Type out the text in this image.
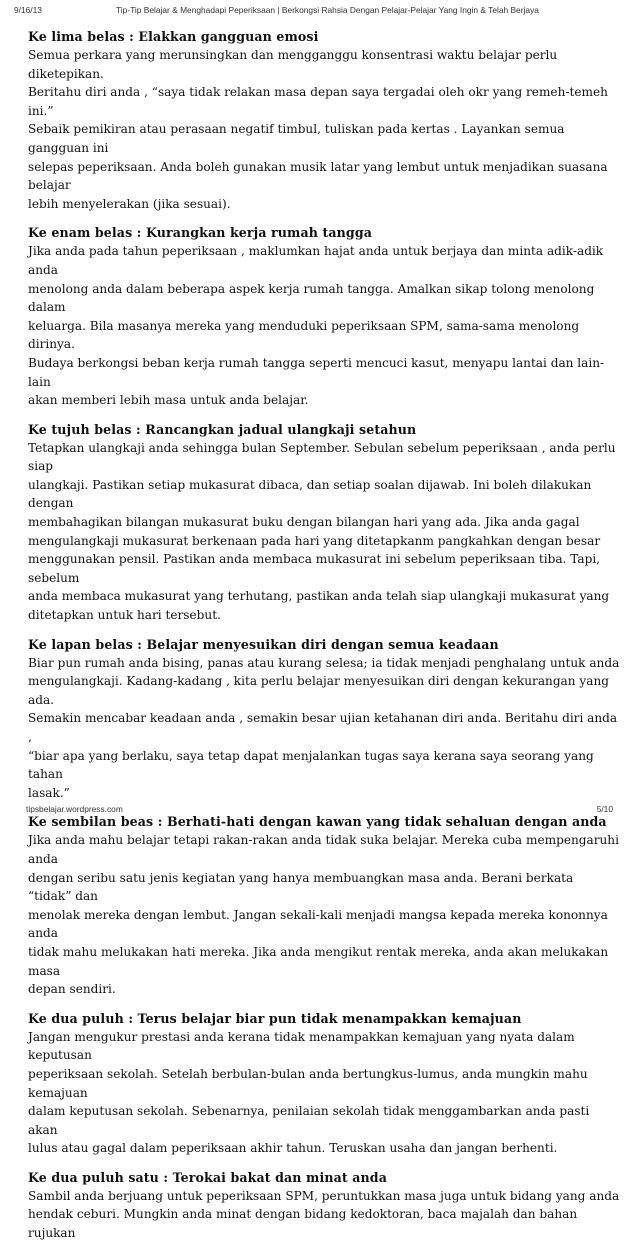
9/16/13	Tip-Tip Belajar & Menghadapi Peperiksaan | Berkongsi Rahsia Dengan Pelajar-Pelajar Yang Ingin & Telah Berjaya
Ke lima belas : Elakkan gangguan emosi

Semua perkara yang merunsingkan dan mengganggu konsentrasi waktu belajar perlu diketepikan.
Beritahu diri anda , “saya tidak relakan masa depan saya tergadai oleh okr yang remeh-temeh ini.”
Sebaik pemikiran atau perasaan negatif timbul, tuliskan pada kertas . Layankan semua gangguan ini
selepas peperiksaan. Anda boleh gunakan musik latar yang lembut untuk menjadikan suasana belajar
lebih menyelerakan (jika sesuai).

Ke enam belas : Kurangkan kerja rumah tangga

Jika anda pada tahun peperiksaan , maklumkan hajat anda untuk berjaya dan minta adik-adik anda
menolong anda dalam beberapa aspek kerja rumah tangga. Amalkan sikap tolong menolong dalam
keluarga. Bila masanya mereka yang menduduki peperiksaan SPM, sama-sama menolong dirinya.
Budaya berkongsi beban kerja rumah tangga seperti mencuci kasut, menyapu lantai dan lain-lain
akan memberi lebih masa untuk anda belajar.

Ke tujuh belas : Rancangkan jadual ulangkaji setahun

Tetapkan ulangkaji anda sehingga bulan September. Sebulan sebelum peperiksaan , anda perlu siap
ulangkaji. Pastikan setiap mukasurat dibaca, dan setiap soalan dijawab. Ini boleh dilakukan dengan
membahagikan bilangan mukasurat buku dengan bilangan hari yang ada. Jika anda gagal
mengulangkaji mukasurat berkenaan pada hari yang ditetapkanm pangkahkan dengan besar
menggunakan pensil. Pastikan anda membaca mukasurat ini sebelum peperiksaan tiba. Tapi, sebelum
anda membaca mukasurat yang terhutang, pastikan anda telah siap ulangkaji mukasurat yang
ditetapkan untuk hari tersebut.

Ke lapan belas : Belajar menyesuikan diri dengan semua keadaan

Biar pun rumah anda bising, panas atau kurang selesa; ia tidak menjadi penghalang untuk anda
mengulangkaji. Kadang-kadang , kita perlu belajar menyesuikan diri dengan kekurangan yang ada.
Semakin mencabar keadaan anda , semakin besar ujian ketahanan diri anda. Beritahu diri anda ,
“biar apa yang berlaku, saya tetap dapat menjalankan tugas saya kerana saya seorang yang tahan
lasak.”

Ke sembilan beas : Berhati-hati dengan kawan yang tidak sehaluan dengan anda

Jika anda mahu belajar tetapi rakan-rakan anda tidak suka belajar. Mereka cuba mempengaruhi anda
dengan seribu satu jenis kegiatan yang hanya membuangkan masa anda. Berani berkata “tidak” dan
menolak mereka dengan lembut. Jangan sekali-kali menjadi mangsa kepada mereka kononnya anda
tidak mahu melukakan hati mereka. Jika anda mengikut rentak mereka, anda akan melukakan masa
depan sendiri.

Ke dua puluh : Terus belajar biar pun tidak menampakkan kemajuan

Jangan mengukur prestasi anda kerana tidak menampakkan kemajuan yang nyata dalam keputusan
peperiksaan sekolah. Setelah berbulan-bulan anda bertungkus-lumus, anda mungkin mahu kemajuan
dalam keputusan sekolah. Sebenarnya, penilaian sekolah tidak menggambarkan anda pasti akan
lulus atau gagal dalam peperiksaan akhir tahun. Teruskan usaha dan jangan berhenti.

Ke dua puluh satu : Terokai bakat dan minat anda

Sambil anda berjuang untuk peperiksaan SPM, peruntukkan masa juga untuk bidang yang anda
hendak ceburi. Mungkin anda minat dengan bidang kedoktoran, baca majalah dan bahan rujukan

tipsbelajar.wordpress.com	5/10
